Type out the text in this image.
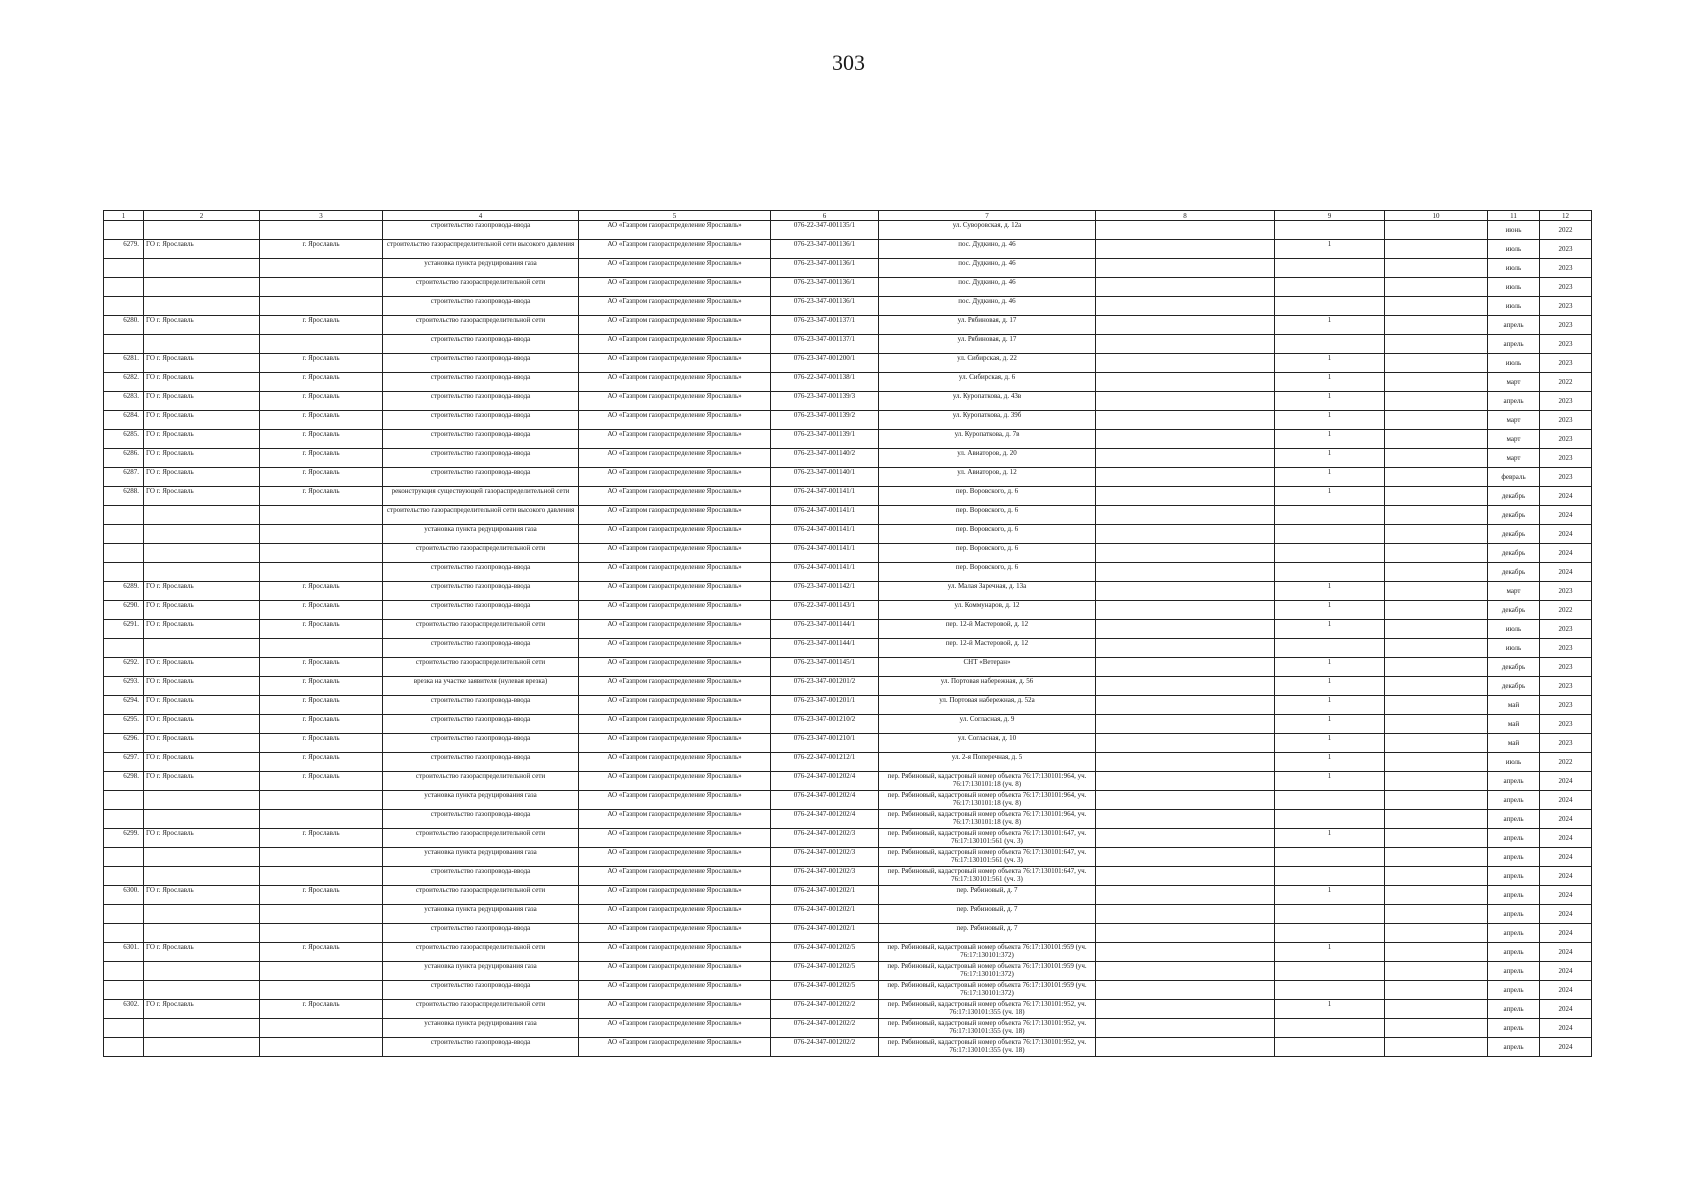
303
1	2	3	4	5	6	7	8	9	10	11	12
			строительство газопровода-ввода	АО «Газпром газораспределение Ярославль»	076-22-347-001135/1	ул. Суворовская, д. 12а				июнь	2022
6279.	ГО г. Ярославль	г. Ярославль	строительство газораспределительной сети высокого давления	АО «Газпром газораспределение Ярославль»	076-23-347-001136/1	пос. Дудкино, д. 46		1		июль	2023
			установка пункта редуцирования газа	АО «Газпром газораспределение Ярославль»	076-23-347-001136/1	пос. Дудкино, д. 46				июль	2023
			строительство газораспределительной сети	АО «Газпром газораспределение Ярославль»	076-23-347-001136/1	пос. Дудкино, д. 46				июль	2023
			строительство газопровода-ввода	АО «Газпром газораспределение Ярославль»	076-23-347-001136/1	пос. Дудкино, д. 46				июль	2023
6280.	ГО г. Ярославль	г. Ярославль	строительство газораспределительной сети	АО «Газпром газораспределение Ярославль»	076-23-347-001137/1	ул. Рябиновая, д. 17		1		апрель	2023
			строительство газопровода-ввода	АО «Газпром газораспределение Ярославль»	076-23-347-001137/1	ул. Рябиновая, д. 17				апрель	2023
6281.	ГО г. Ярославль	г. Ярославль	строительство газопровода-ввода	АО «Газпром газораспределение Ярославль»	076-23-347-001200/1	ул. Сибирская, д. 22		1		июль	2023
6282.	ГО г. Ярославль	г. Ярославль	строительство газопровода-ввода	АО «Газпром газораспределение Ярославль»	076-22-347-001138/1	ул. Сибирская, д. 6		1		март	2022
6283.	ГО г. Ярославль	г. Ярославль	строительство газопровода-ввода	АО «Газпром газораспределение Ярославль»	076-23-347-001139/3	ул. Куропаткова, д. 43в		1		апрель	2023
6284.	ГО г. Ярославль	г. Ярославль	строительство газопровода-ввода	АО «Газпром газораспределение Ярославль»	076-23-347-001139/2	ул. Куропаткова, д. 39б		1		март	2023
6285.	ГО г. Ярославль	г. Ярославль	строительство газопровода-ввода	АО «Газпром газораспределение Ярославль»	076-23-347-001139/1	ул. Куропаткова, д. 7в		1		март	2023
6286.	ГО г. Ярославль	г. Ярославль	строительство газопровода-ввода	АО «Газпром газораспределение Ярославль»	076-23-347-001140/2	ул. Авиаторов, д. 20		1		март	2023
6287.	ГО г. Ярославль	г. Ярославль	строительство газопровода-ввода	АО «Газпром газораспределение Ярославль»	076-23-347-001140/1	ул. Авиаторов, д. 12		1		февраль	2023
6288.	ГО г. Ярославль	г. Ярославль	реконструкция существующей газораспределительной сети	АО «Газпром газораспределение Ярославль»	076-24-347-001141/1	пер. Воровского, д. 6		1		декабрь	2024
			строительство газораспределительной сети высокого давления	АО «Газпром газораспределение Ярославль»	076-24-347-001141/1	пер. Воровского, д. 6				декабрь	2024
			установка пункта редуцирования газа	АО «Газпром газораспределение Ярославль»	076-24-347-001141/1	пер. Воровского, д. 6				декабрь	2024
			строительство газораспределительной сети	АО «Газпром газораспределение Ярославль»	076-24-347-001141/1	пер. Воровского, д. 6				декабрь	2024
			строительство газопровода-ввода	АО «Газпром газораспределение Ярославль»	076-24-347-001141/1	пер. Воровского, д. 6				декабрь	2024
6289.	ГО г. Ярославль	г. Ярославль	строительство газопровода-ввода	АО «Газпром газораспределение Ярославль»	076-23-347-001142/1	ул. Малая Заречная, д. 13а		1		март	2023
6290.	ГО г. Ярославль	г. Ярославль	строительство газопровода-ввода	АО «Газпром газораспределение Ярославль»	076-22-347-001143/1	ул. Коммунаров, д. 12		1		декабрь	2022
6291.	ГО г. Ярославль	г. Ярославль	строительство газораспределительной сети	АО «Газпром газораспределение Ярославль»	076-23-347-001144/1	пер. 12-й Мастеровой, д. 12		1		июль	2023
			строительство газопровода-ввода	АО «Газпром газораспределение Ярославль»	076-23-347-001144/1	пер. 12-й Мастеровой, д. 12				июль	2023
6292.	ГО г. Ярославль	г. Ярославль	строительство газораспределительной сети	АО «Газпром газораспределение Ярославль»	076-23-347-001145/1	СНТ «Ветеран»		1		декабрь	2023
6293.	ГО г. Ярославль	г. Ярославль	врезка на участке заявителя (нулевая врезка)	АО «Газпром газораспределение Ярославль»	076-23-347-001201/2	ул. Портовая набережная, д. 56		1		декабрь	2023
6294.	ГО г. Ярославль	г. Ярославль	строительство газопровода-ввода	АО «Газпром газораспределение Ярославль»	076-23-347-001201/1	ул. Портовая набережная, д. 52а		1		май	2023
6295.	ГО г. Ярославль	г. Ярославль	строительство газопровода-ввода	АО «Газпром газораспределение Ярославль»	076-23-347-001210/2	ул. Согласная, д. 9		1		май	2023
6296.	ГО г. Ярославль	г. Ярославль	строительство газопровода-ввода	АО «Газпром газораспределение Ярославль»	076-23-347-001210/1	ул. Согласная, д. 10		1		май	2023
6297.	ГО г. Ярославль	г. Ярославль	строительство газопровода-ввода	АО «Газпром газораспределение Ярославль»	076-22-347-001212/1	ул. 2-я Поперечная, д. 5		1		июль	2022
6298.	ГО г. Ярославль	г. Ярославль	строительство газораспределительной сети	АО «Газпром газораспределение Ярославль»	076-24-347-001202/4	пер. Рябиновый, кадастровый номер объекта 76:17:130101:964, уч. 76:17:130101:18 (уч. 8)		1		апрель	2024
			установка пункта редуцирования газа	АО «Газпром газораспределение Ярославль»	076-24-347-001202/4	пер. Рябиновый, кадастровый номер объекта 76:17:130101:964, уч. 76:17:130101:18 (уч. 8)				апрель	2024
			строительство газопровода-ввода	АО «Газпром газораспределение Ярославль»	076-24-347-001202/4	пер. Рябиновый, кадастровый номер объекта 76:17:130101:964, уч. 76:17:130101:18 (уч. 8)				апрель	2024
6299.	ГО г. Ярославль	г. Ярославль	строительство газораспределительной сети	АО «Газпром газораспределение Ярославль»	076-24-347-001202/3	пер. Рябиновый, кадастровый номер объекта 76:17:130101:647, уч. 76:17:130101:561 (уч. 3)		1		апрель	2024
			установка пункта редуцирования газа	АО «Газпром газораспределение Ярославль»	076-24-347-001202/3	пер. Рябиновый, кадастровый номер объекта 76:17:130101:647, уч. 76:17:130101:561 (уч. 3)				апрель	2024
			строительство газопровода-ввода	АО «Газпром газораспределение Ярославль»	076-24-347-001202/3	пер. Рябиновый, кадастровый номер объекта 76:17:130101:647, уч. 76:17:130101:561 (уч. 3)				апрель	2024
6300.	ГО г. Ярославль	г. Ярославль	строительство газораспределительной сети	АО «Газпром газораспределение Ярославль»	076-24-347-001202/1	пер. Рябиновый, д. 7		1		апрель	2024
			установка пункта редуцирования газа	АО «Газпром газораспределение Ярославль»	076-24-347-001202/1	пер. Рябиновый, д. 7				апрель	2024
			строительство газопровода-ввода	АО «Газпром газораспределение Ярославль»	076-24-347-001202/1	пер. Рябиновый, д. 7				апрель	2024
6301.	ГО г. Ярославль	г. Ярославль	строительство газораспределительной сети	АО «Газпром газораспределение Ярославль»	076-24-347-001202/5	пер. Рябиновый, кадастровый номер объекта 76:17:130101:959 (уч. 76:17:130101:372)		1		апрель	2024
			установка пункта редуцирования газа	АО «Газпром газораспределение Ярославль»	076-24-347-001202/5	пер. Рябиновый, кадастровый номер объекта 76:17:130101:959 (уч. 76:17:130101:372)				апрель	2024
			строительство газопровода-ввода	АО «Газпром газораспределение Ярославль»	076-24-347-001202/5	пер. Рябиновый, кадастровый номер объекта 76:17:130101:959 (уч. 76:17:130101:372)				апрель	2024
6302.	ГО г. Ярославль	г. Ярославль	строительство газораспределительной сети	АО «Газпром газораспределение Ярославль»	076-24-347-001202/2	пер. Рябиновый, кадастровый номер объекта 76:17:130101:952, уч. 76:17:130101:355 (уч. 18)		1		апрель	2024
			установка пункта редуцирования газа	АО «Газпром газораспределение Ярославль»	076-24-347-001202/2	пер. Рябиновый, кадастровый номер объекта 76:17:130101:952, уч. 76:17:130101:355 (уч. 18)				апрель	2024
			строительство газопровода-ввода	АО «Газпром газораспределение Ярославль»	076-24-347-001202/2	пер. Рябиновый, кадастровый номер объекта 76:17:130101:952, уч. 76:17:130101:355 (уч. 18)				апрель	2024
